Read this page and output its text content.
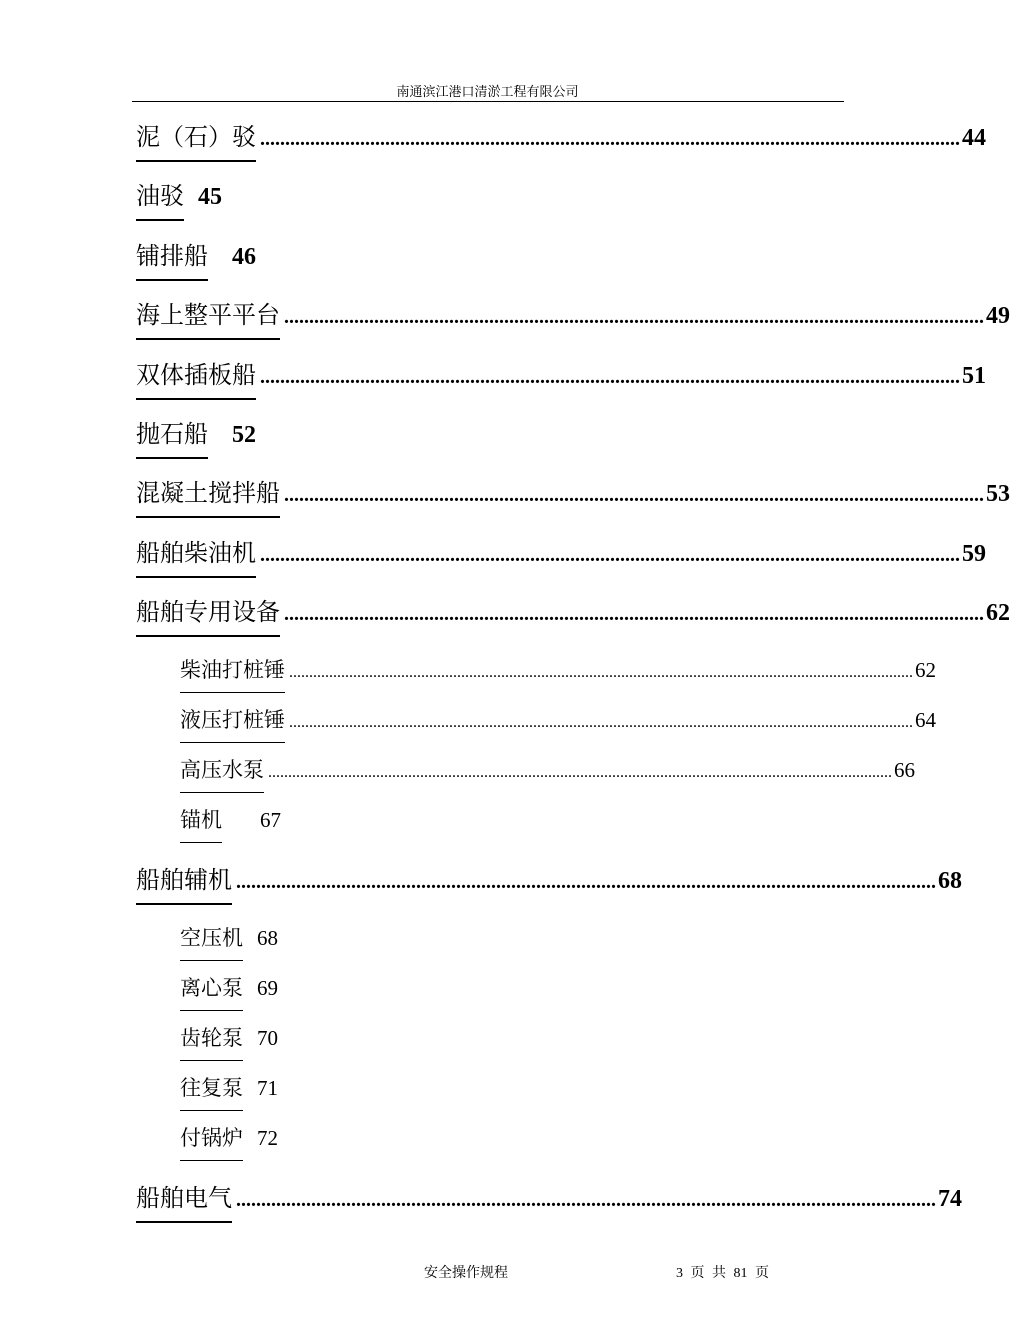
南通滨江港口清淤工程有限公司
泥（石）驳 ............................................................................................................................................ 44
油驳 45
铺排船 46
海上整平平台 ............................................................................................................................................ 49
双体插板船 ............................................................................................................................................ 51
抛石船 52
混凝土搅拌船 ............................................................................................................................................ 53
船舶柴油机 ............................................................................................................................................ 59
船舶专用设备 ............................................................................................................................................ 62
柴油打桩锤 ............................................................................................................................................................ 62
液压打桩锤 ............................................................................................................................................................ 64
高压水泵 ............................................................................................................................................................ 66
锚机 67
船舶辅机 ............................................................................................................................................ 68
空压机 68
离心泵 69
齿轮泵 70
往复泵 71
付锅炉 72
船舶电气 ............................................................................................................................................ 74
安全操作规程	3 页 共 81 页
